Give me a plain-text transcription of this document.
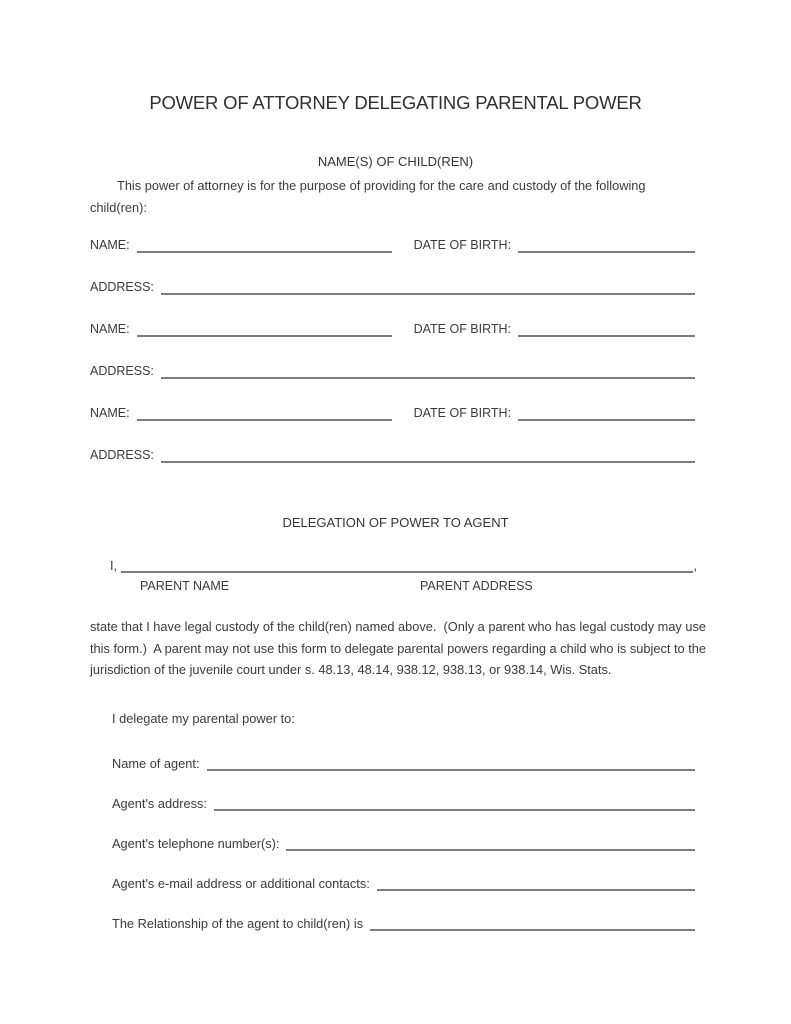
POWER OF ATTORNEY DELEGATING PARENTAL POWER
NAME(S) OF CHILD(REN)
This power of attorney is for the purpose of providing for the care and custody of the following child(ren):
NAME:	DATE OF BIRTH:
ADDRESS:
NAME:	DATE OF BIRTH:
ADDRESS:
NAME:	DATE OF BIRTH:
ADDRESS:
DELEGATION OF POWER TO AGENT
I,	,
PARENT NAME	PARENT ADDRESS
state that I have legal custody of the child(ren) named above.  (Only a parent who has legal custody may use this form.)  A parent may not use this form to delegate parental powers regarding a child who is subject to the jurisdiction of the juvenile court under s. 48.13, 48.14, 938.12, 938.13, or 938.14, Wis. Stats.
I delegate my parental power to:
Name of agent:
Agent's address:
Agent's telephone number(s):
Agent's e-mail address or additional contacts:
The Relationship of the agent to child(ren) is
